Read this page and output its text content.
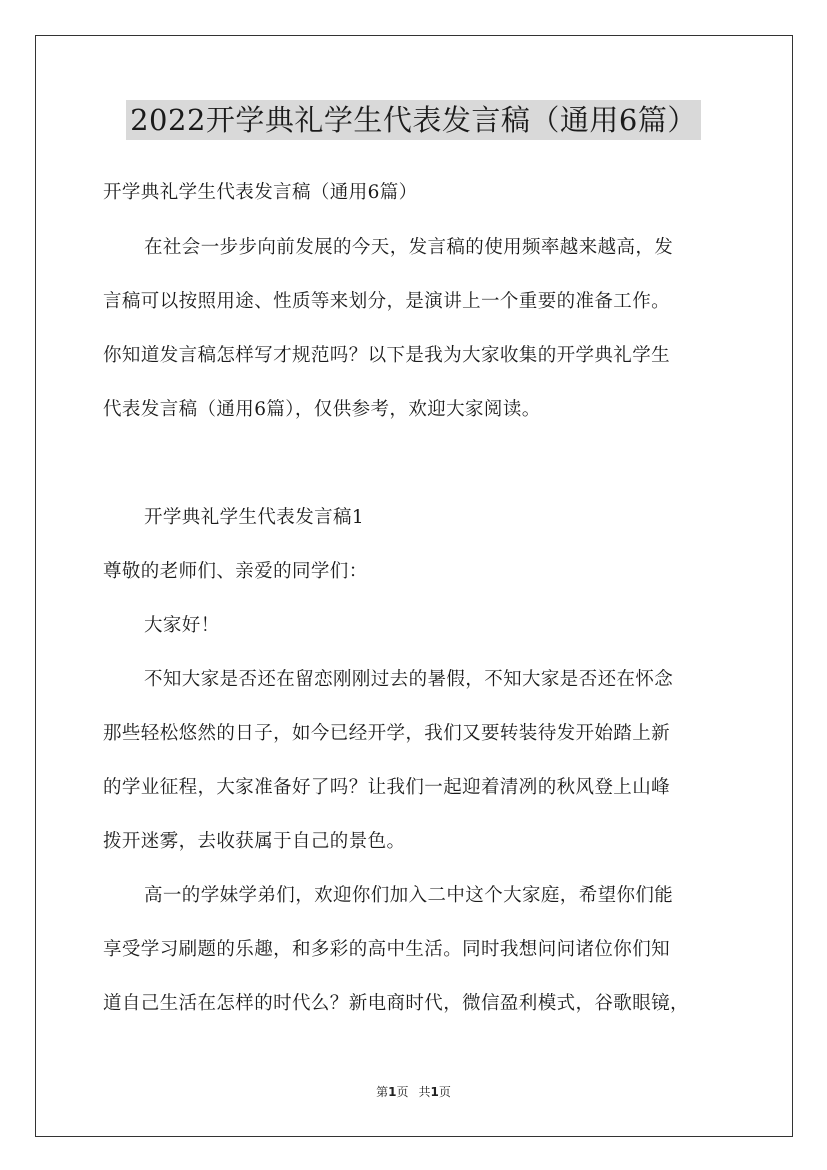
2022开学典礼学生代表发言稿（通用6篇）
开学典礼学生代表发言稿（通用6篇）
在社会一步步向前发展的今天，发言稿的使用频率越来越高，发
言稿可以按照用途、性质等来划分，是演讲上一个重要的准备工作。
你知道发言稿怎样写才规范吗？以下是我为大家收集的开学典礼学生
代表发言稿（通用6篇），仅供参考，欢迎大家阅读。
开学典礼学生代表发言稿1
尊敬的老师们、亲爱的同学们：
大家好！
不知大家是否还在留恋刚刚过去的暑假，不知大家是否还在怀念
那些轻松悠然的日子，如今已经开学，我们又要转装待发开始踏上新
的学业征程，大家准备好了吗？让我们一起迎着清冽的秋风登上山峰
拨开迷雾，去收获属于自己的景色。
高一的学妹学弟们，欢迎你们加入二中这个大家庭，希望你们能
享受学习刷题的乐趣，和多彩的高中生活。同时我想问问诸位你们知
道自己生活在怎样的时代么？新电商时代，微信盈利模式，谷歌眼镜，
第1页 共1页
